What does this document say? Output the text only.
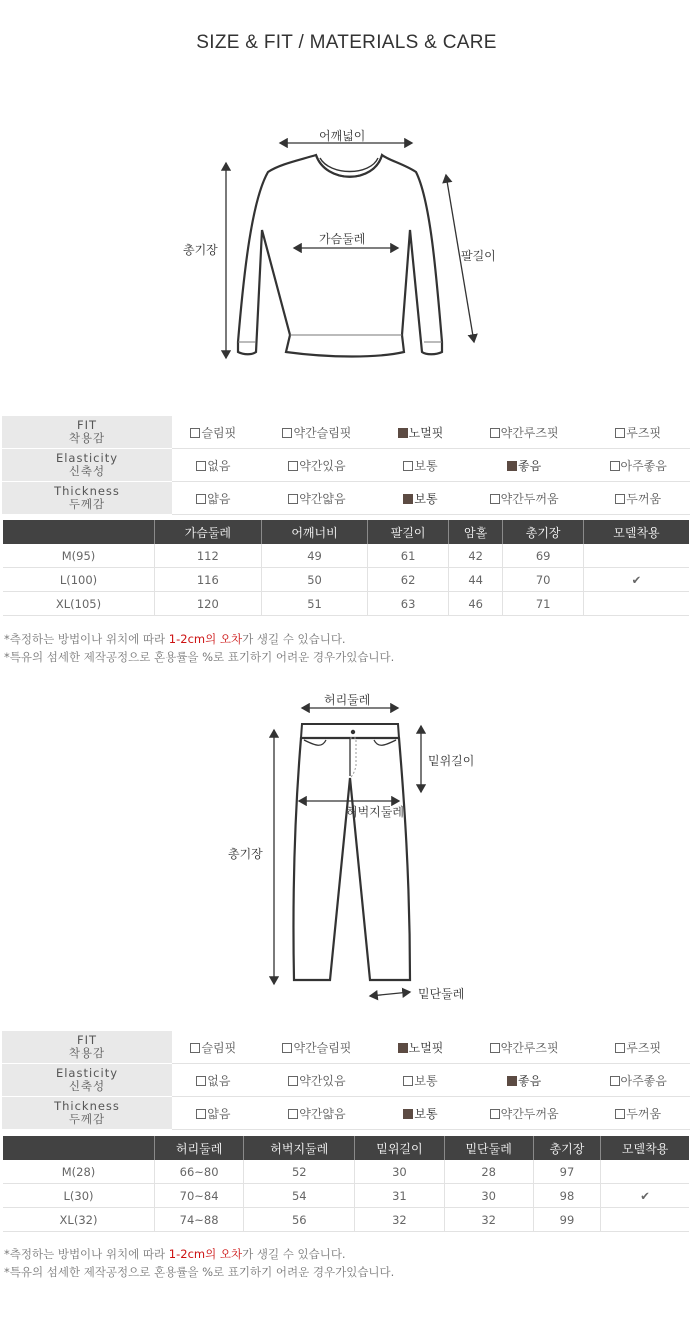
SIZE & FIT / MATERIALS & CARE
어깨넓이
가슴둘레
총기장	팔길이
FIT
착용감	슬림핏	약간슬림핏	노멀핏	약간루즈핏	루즈핏

Elasticity
신축성	없음	약간있음	보통	좋음	아주좋음

Thickness
두께감	얇음	약간얇음	보통	약간두꺼움	두꺼움
	가슴둘레	어깨너비	팔길이	암홀	총기장	모델착용
M(95)	112	49	61	42	69	
L(100)	116	50	62	44	70	✔
XL(105)	120	51	63	46	71	
*측정하는 방법이나 위치에 따라 1-2cm의 오차가 생길 수 있습니다.
*특유의 섬세한 제작공정으로 혼용률을 %로 표기하기 어려운 경우가있습니다.
허리둘레
밑위길이
허벅지둘레
총기장
밑단둘레
FIT
착용감	슬림핏	약간슬림핏	노멀핏	약간루즈핏	루즈핏

Elasticity
신축성	없음	약간있음	보통	좋음	아주좋음

Thickness
두께감	얇음	약간얇음	보통	약간두꺼움	두꺼움
	허리둘레	허벅지둘레	밑위길이	밑단둘레	총기장	모델착용
M(28)	66~80	52	30	28	97	
L(30)	70~84	54	31	30	98	✔
XL(32)	74~88	56	32	32	99	
*측정하는 방법이나 위치에 따라 1-2cm의 오차가 생길 수 있습니다.
*특유의 섬세한 제작공정으로 혼용률을 %로 표기하기 어려운 경우가있습니다.
